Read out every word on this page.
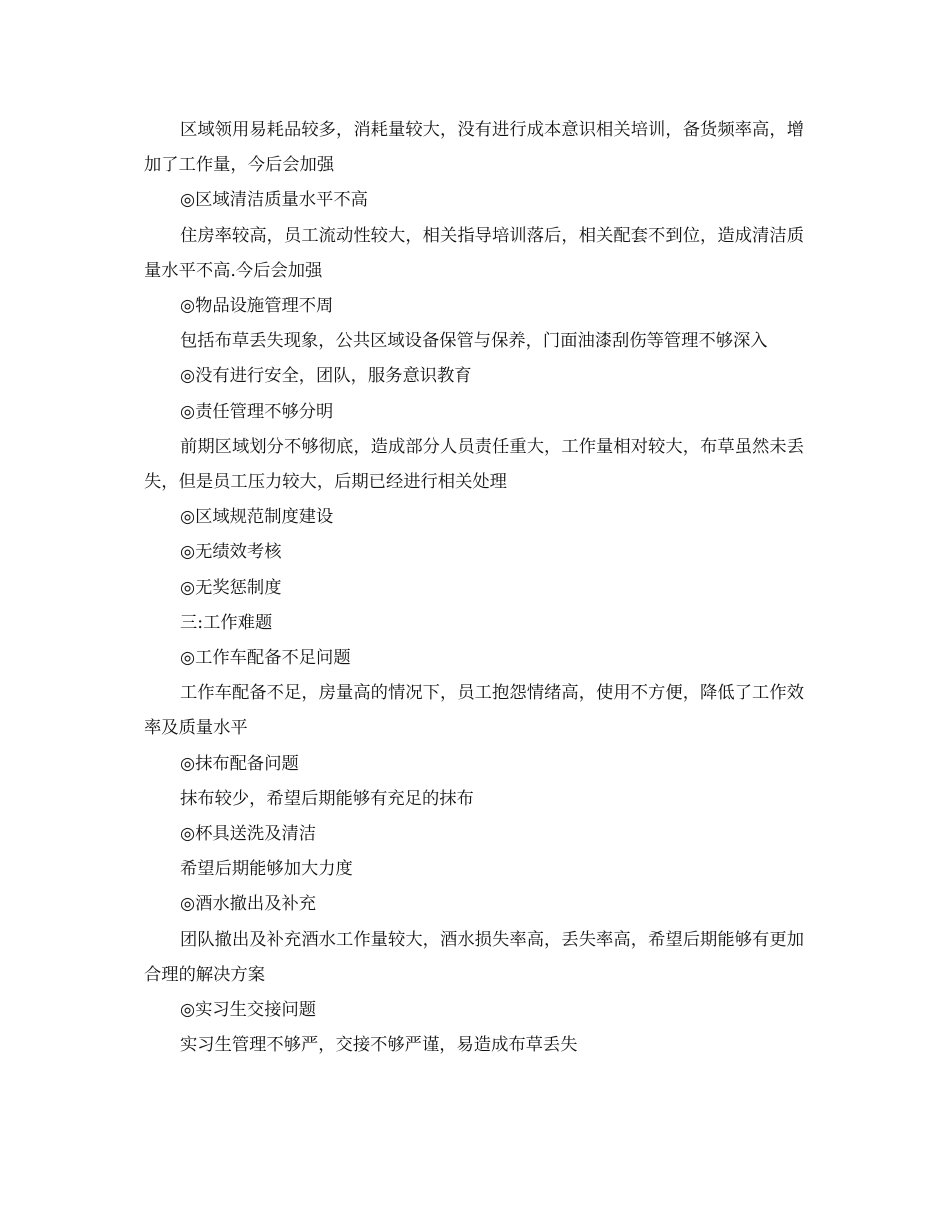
区域领用易耗品较多，消耗量较大，没有进行成本意识相关培训，备货频率高，增加了工作量，今后会加强

◎区域清洁质量水平不高

住房率较高，员工流动性较大，相关指导培训落后，相关配套不到位，造成清洁质量水平不高.今后会加强

◎物品设施管理不周

包括布草丢失现象，公共区域设备保管与保养，门面油漆刮伤等管理不够深入

◎没有进行安全，团队，服务意识教育

◎责任管理不够分明

前期区域划分不够彻底，造成部分人员责任重大，工作量相对较大，布草虽然未丢失，但是员工压力较大，后期已经进行相关处理

◎区域规范制度建设

◎无绩效考核

◎无奖惩制度

三:工作难题

◎工作车配备不足问题

工作车配备不足，房量高的情况下，员工抱怨情绪高，使用不方便，降低了工作效率及质量水平

◎抹布配备问题

抹布较少，希望后期能够有充足的抹布

◎杯具送洗及清洁

希望后期能够加大力度

◎酒水撤出及补充

团队撤出及补充酒水工作量较大，酒水损失率高，丢失率高，希望后期能够有更加合理的解决方案

◎实习生交接问题

实习生管理不够严，交接不够严谨，易造成布草丢失
